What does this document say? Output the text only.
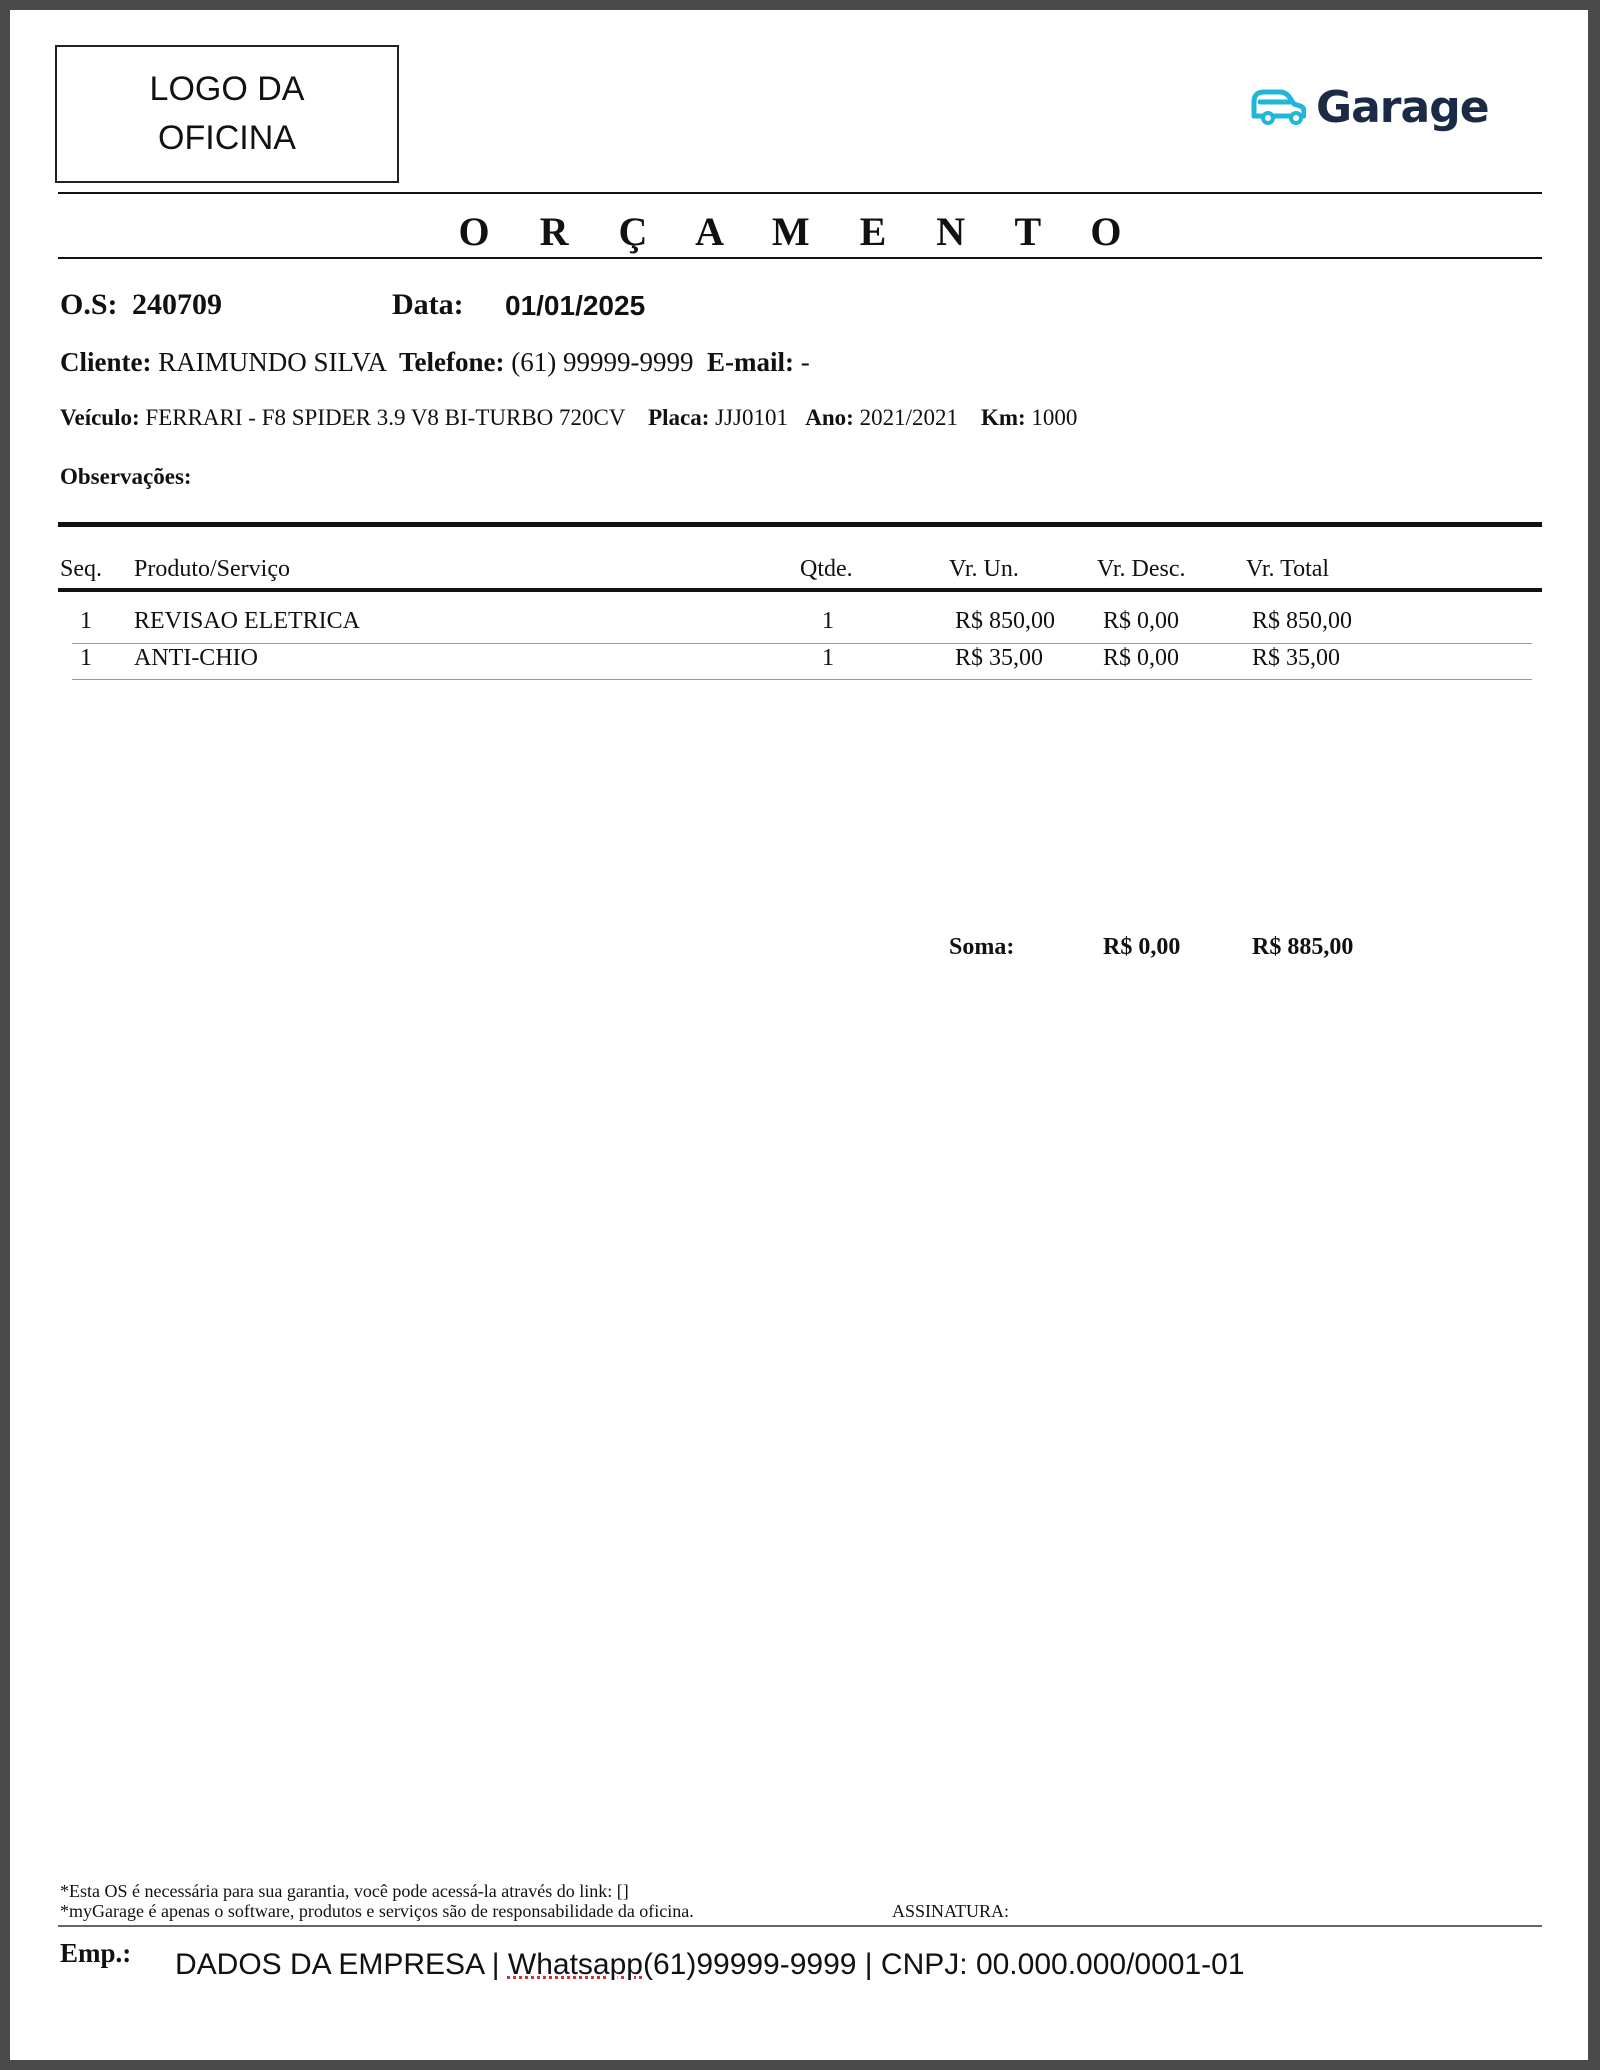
LOGO DA
OFICINA
Garage
O R Ç A M E N T O
O.S: 240709	Data: 01/01/2025
Cliente: RAIMUNDO SILVA Telefone: (61) 99999-9999 E-mail: -
Veículo: FERRARI - F8 SPIDER 3.9 V8 BI-TURBO 720CV Placa: JJJ0101 Ano: 2021/2021 Km: 1000
Observações:
Seq. Produto/Serviço	Qtde.	Vr. Un.	Vr. Desc.	Vr. Total
1 REVISAO ELETRICA	1	R$ 850,00 R$ 0,00	R$ 850,00
1 ANTI-CHIO	1	R$ 35,00 R$ 0,00	R$ 35,00
Soma:	R$ 0,00	R$ 885,00
*Esta OS é necessária para sua garantia, você pode acessá-la através do link: []
*myGarage é apenas o software, produtos e serviços são de responsabilidade da oficina.	ASSINATURA:
Emp.: DADOS DA EMPRESA | Whatsapp(61)99999-9999 | CNPJ: 00.000.000/0001-01
